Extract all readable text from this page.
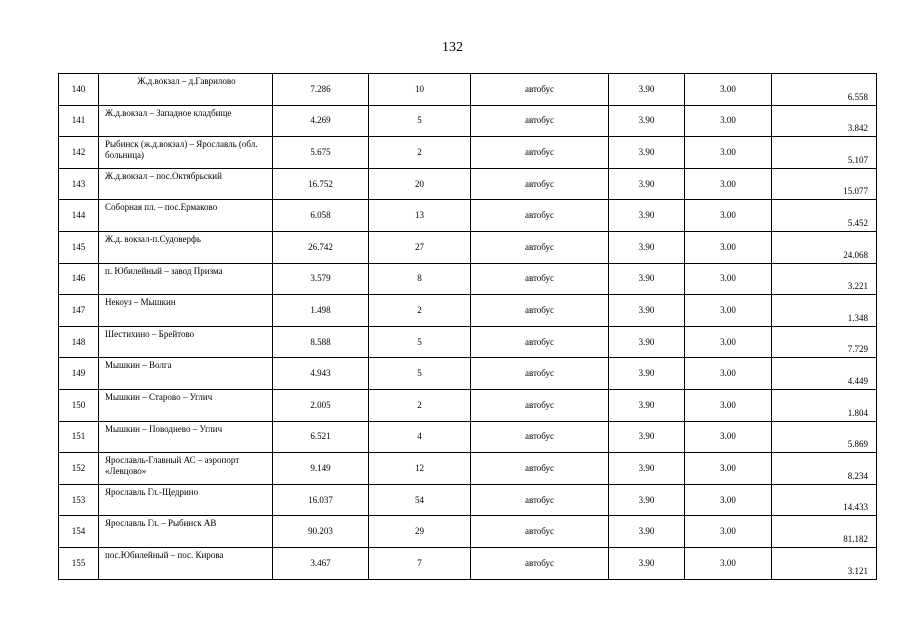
132
140	Ж.д.вокзал – д.Гаврилово	7.286	10	автобус	3.90	3.00	6.558
141	Ж.д.вокзал – Западное кладбище	4.269	5	автобус	3.90	3.00	3.842
142	Рыбинск (ж.д.вокзал) – Ярославль (обл. больница)	5.675	2	автобус	3.90	3.00	5.107
143	Ж.д.вокзал – пос.Октябрьский	16.752	20	автобус	3.90	3.00	15.077
144	Соборная пл. – пос.Ермаково	6.058	13	автобус	3.90	3.00	5.452
145	Ж.д. вокзал-п.Судоверфь	26.742	27	автобус	3.90	3.00	24.068
146	п. Юбилейный – завод Призма	3.579	8	автобус	3.90	3.00	3.221
147	Некоуз – Мышкин	1.498	2	автобус	3.90	3.00	1.348
148	Шестихино – Брейтово	8.588	5	автобус	3.90	3.00	7.729
149	Мышкин – Волга	4.943	5	автобус	3.90	3.00	4.449
150	Мышкин – Старово – Углич	2.005	2	автобус	3.90	3.00	1.804
151	Мышкин – Поводнево – Углич	6.521	4	автобус	3.90	3.00	5.869
152	Ярославль-Главный АС – аэропорт «Левцово»	9.149	12	автобус	3.90	3.00	8.234
153	Ярославль Гл.-Щедрино	16.037	54	автобус	3.90	3.00	14.433
154	Ярославль Гл. – Рыбинск АВ	90.203	29	автобус	3.90	3.00	81.182
155	пос.Юбилейный – пос. Кирова	3.467	7	автобус	3.90	3.00	3.121
